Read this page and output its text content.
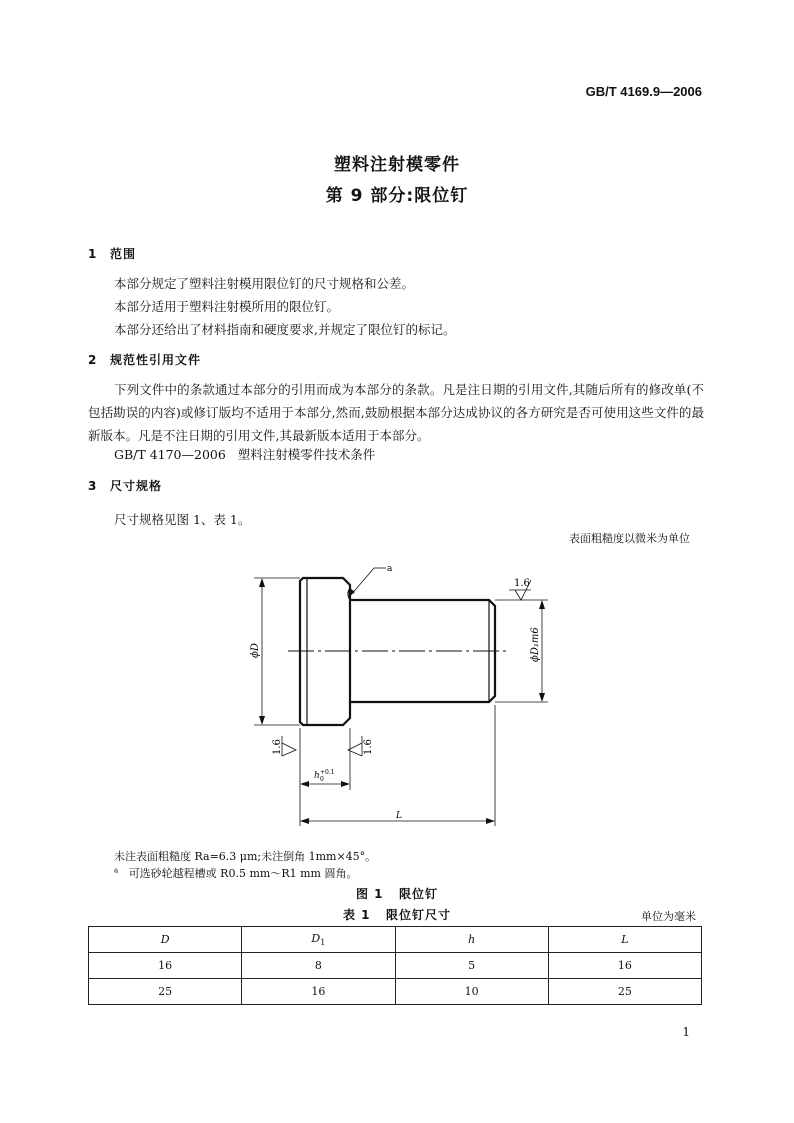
GB/T 4169.9—2006
塑料注射模零件
第 9 部分:限位钉
1 范围
本部分规定了塑料注射模用限位钉的尺寸规格和公差。
本部分适用于塑料注射模所用的限位钉。
本部分还给出了材料指南和硬度要求,并规定了限位钉的标记。
2 规范性引用文件
下列文件中的条款通过本部分的引用而成为本部分的条款。凡是注日期的引用文件,其随后所有的修改单(不包括勘误的内容)或修订版均不适用于本部分,然而,鼓励根据本部分达成协议的各方研究是否可使用这些文件的最新版本。凡是不注日期的引用文件,其最新版本适用于本部分。
GB/T 4170—2006   塑料注射模零件技术条件
3 尺寸规格
尺寸规格见图 1、表 1。
表面粗糙度以微米为单位
a
1.6
ϕD	ϕD₁m6
1.6	1.6
h +0.1
0
L
未注表面粗糙度 Ra=6.3 μm;未注倒角 1mm×45°。
$^a$ 可选砂轮越程槽或 R0.5 mm～R1 mm 圆角。
图 1   限位钉
表 1   限位钉尺寸	单位为毫米
D	$D_1$	h	L
16	8	5	16
25	16	10	25
1
